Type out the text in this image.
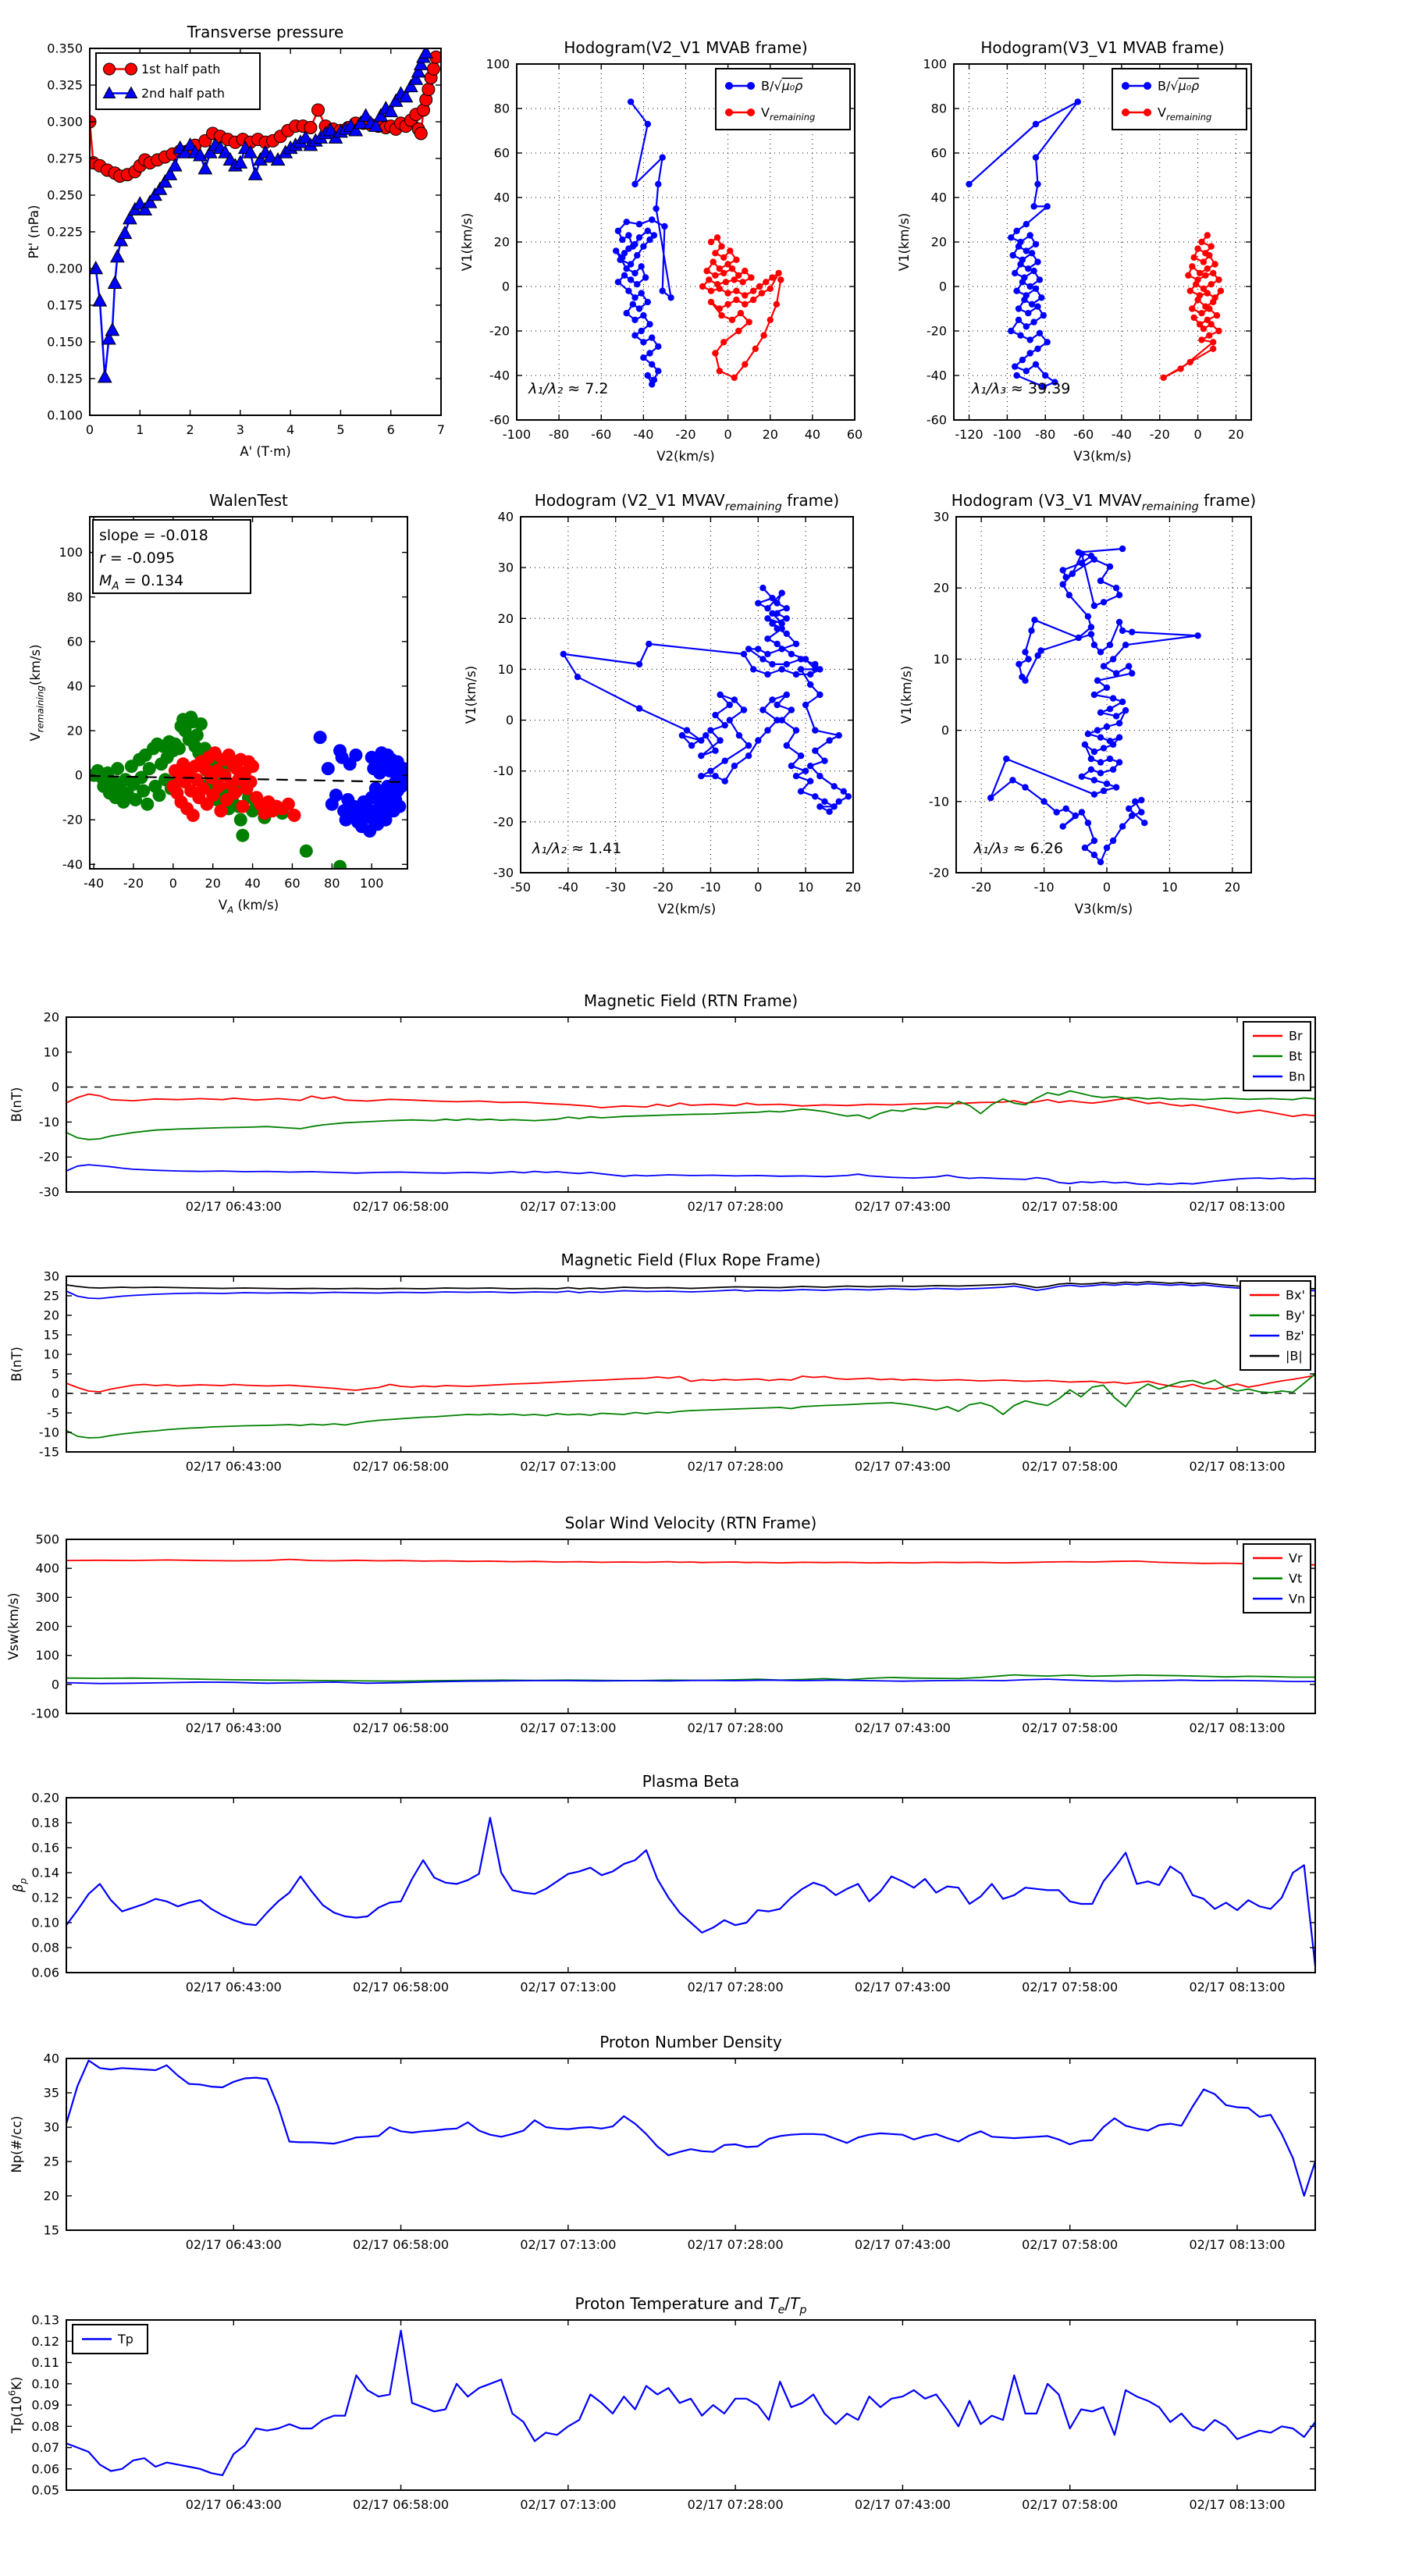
0	1	2	3	4	5	6	7
0.100
0.125
0.150
0.175
0.200
0.225
0.250
0.275
0.300
0.325
0.350
Transverse pressure
A' (T·m)
Pt' (nPa)
1st half path
2nd half path
-100 -80 -60 -40 -20 0 20 40 60
-60
-40
-20
0
20
40
60
80
100
Hodogram(V2_V1 MVAB frame)
V2(km/s)
V1(km/s)
B/√μ₀ρ
$V_{remaining}$
λ₁/λ₂ ≈ 7.2
-120 -100 -80 -60 -40 -20 0 20
-60
-40
-20
0
20
40
60
80
100
Hodogram(V3_V1 MVAB frame)
V3(km/s)
V1(km/s)
B/√μ₀ρ
$V_{remaining}$
λ₁/λ₃ ≈ 39.39
-40 -20 0 20 40 60 80 100
-40
-20
0
20
40
60
80
100
WalenTest
$V_A$ (km/s)
$V_{remaining}(km/s)$
slope = -0.018
r = -0.095
$M_A = 0.134$
-50 -40 -30 -20 -10	0	10	20
-30
-20
-10
0
10
20
30
40
Hodogram (V2_V1 $MVAV_{remaining}$ frame)
V2(km/s)
V1(km/s)
λ₁/λ₂ ≈ 1.41
-20	-10	0	10	20
-20
-10
0
10
20
30
Hodogram (V3_V1 $MVAV_{remaining}$ frame)
V3(km/s)
V1(km/s)
λ₁/λ₃ ≈ 6.26
02/17 06:43:00	02/17 06:58:00	02/17 07:13:00	02/17 07:28:00	02/17 07:43:00	02/17 07:58:00	02/17 08:13:00
-30
-20
-10
0
10
20
Magnetic Field (RTN Frame)
B(nT)
Br
Bt
Bn
02/17 06:43:00	02/17 06:58:00	02/17 07:13:00	02/17 07:28:00	02/17 07:43:00	02/17 07:58:00	02/17 08:13:00
-15
-10
-5
0
5
10
15
20
25
30
Magnetic Field (Flux Rope Frame)
B(nT)
Bx'
By'
Bz'
|B|
02/17 06:43:00	02/17 06:58:00	02/17 07:13:00	02/17 07:28:00	02/17 07:43:00	02/17 07:58:00	02/17 08:13:00
-100
0
100
200
300
400
500
Solar Wind Velocity (RTN Frame)
Vsw(km/s)
Vr
Vt
Vn
02/17 06:43:00	02/17 06:58:00	02/17 07:13:00	02/17 07:28:00	02/17 07:43:00	02/17 07:58:00	02/17 08:13:00
0.06
0.08
0.10
0.12
0.14
0.16
0.18
0.20
Plasma Beta
$\beta_p$
02/17 06:43:00	02/17 06:58:00	02/17 07:13:00	02/17 07:28:00	02/17 07:43:00	02/17 07:58:00	02/17 08:13:00
15
20
25
30
35
40
Proton Number Density
Np(#/cc)
02/17 06:43:00	02/17 06:58:00	02/17 07:13:00	02/17 07:28:00	02/17 07:43:00	02/17 07:58:00	02/17 08:13:00
0.05
0.06
0.07
0.08
0.09
0.10
0.11
0.12
0.13
Proton Temperature and $T_e/T_p$
$Tp(10^6K)$
Tp
